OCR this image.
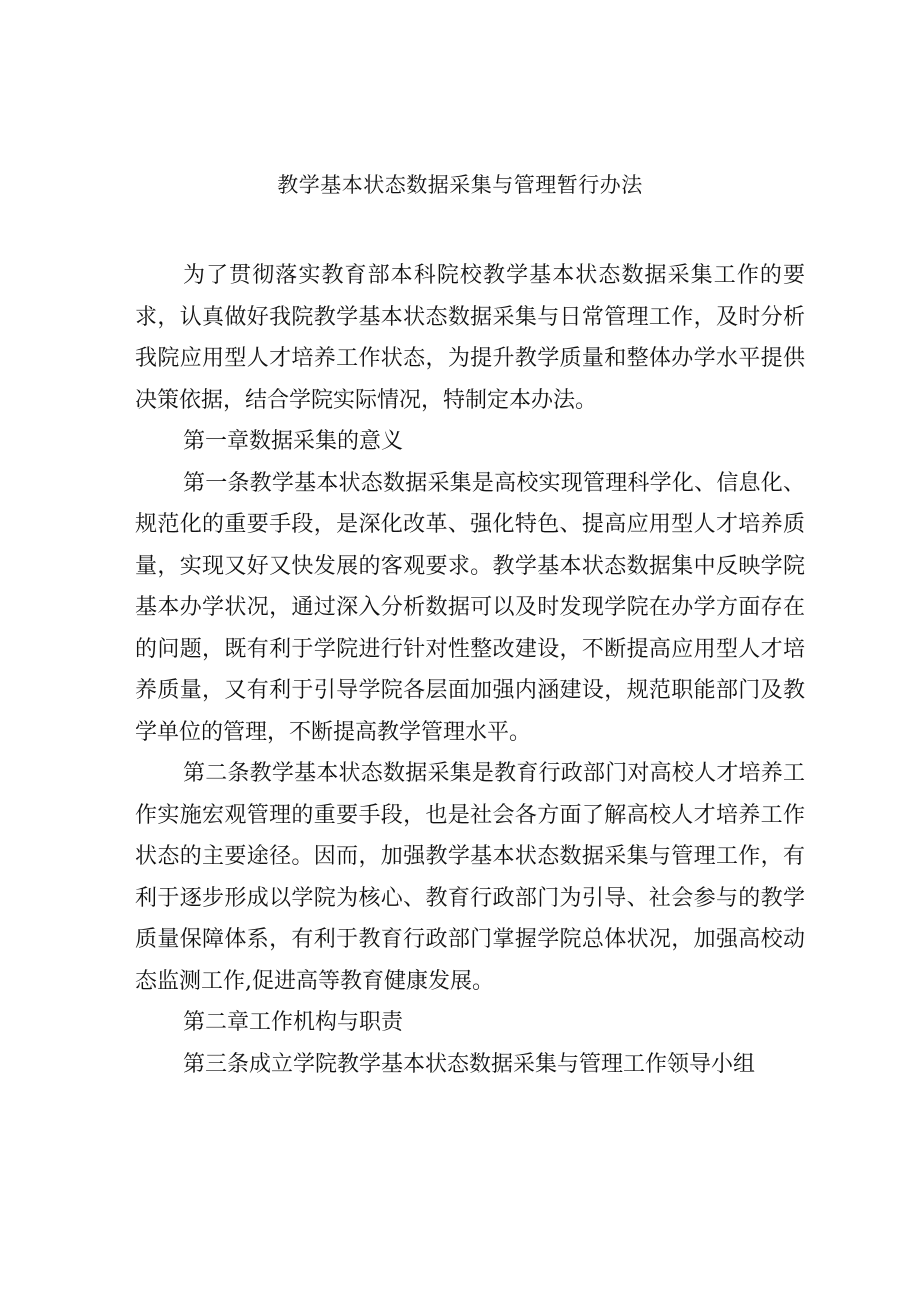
教学基本状态数据采集与管理暂行办法

为了贯彻落实教育部本科院校教学基本状态数据采集工作的要求，认真做好我院教学基本状态数据采集与日常管理工作，及时分析我院应用型人才培养工作状态，为提升教学质量和整体办学水平提供决策依据，结合学院实际情况，特制定本办法。

第一章数据采集的意义

第一条教学基本状态数据采集是高校实现管理科学化、信息化、规范化的重要手段，是深化改革、强化特色、提高应用型人才培养质量，实现又好又快发展的客观要求。教学基本状态数据集中反映学院基本办学状况，通过深入分析数据可以及时发现学院在办学方面存在的问题，既有利于学院进行针对性整改建设，不断提高应用型人才培养质量，又有利于引导学院各层面加强内涵建设，规范职能部门及教学单位的管理，不断提高教学管理水平。

第二条教学基本状态数据采集是教育行政部门对高校人才培养工作实施宏观管理的重要手段，也是社会各方面了解高校人才培养工作状态的主要途径。因而，加强教学基本状态数据采集与管理工作，有利于逐步形成以学院为核心、教育行政部门为引导、社会参与的教学质量保障体系，有利于教育行政部门掌握学院总体状况，加强高校动态监测工作,促进高等教育健康发展。

第二章工作机构与职责

第三条成立学院教学基本状态数据采集与管理工作领导小组
